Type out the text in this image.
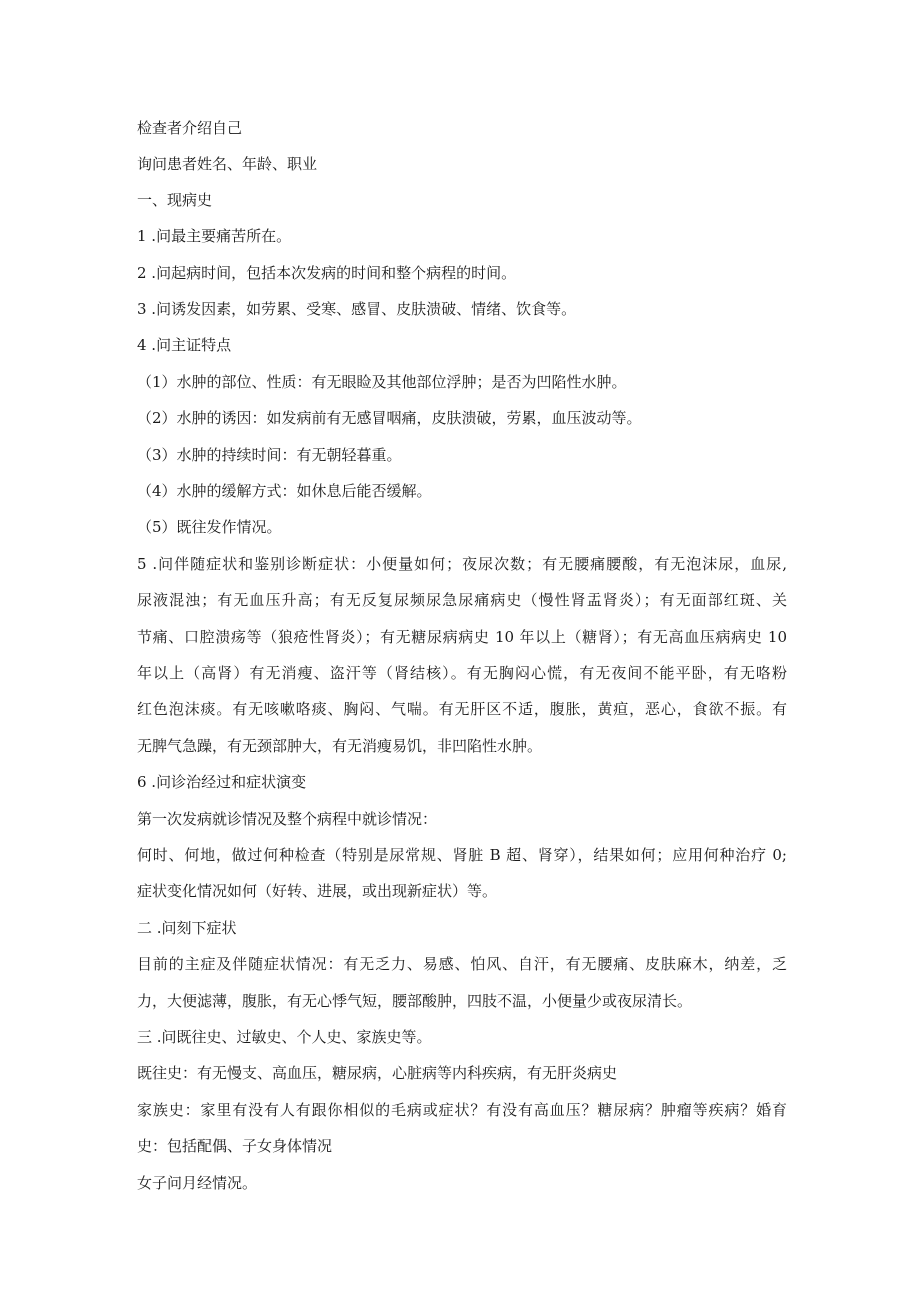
检查者介绍自己
询问患者姓名、年龄、职业
一、现病史
1 .问最主要痛苦所在。
2 .问起病时间，包括本次发病的时间和整个病程的时间。
3 .问诱发因素，如劳累、受寒、感冒、皮肤溃破、情绪、饮食等。
4 .问主证特点
（1）水肿的部位、性质：有无眼睑及其他部位浮肿；是否为凹陷性水肿。
（2）水肿的诱因：如发病前有无感冒咽痛，皮肤溃破，劳累，血压波动等。
（3）水肿的持续时间：有无朝轻暮重。
（4）水肿的缓解方式：如休息后能否缓解。
（5）既往发作情况。
5 .问伴随症状和鉴别诊断症状：小便量如何；夜尿次数；有无腰痛腰酸，有无泡沫尿，血尿,
尿液混浊；有无血压升高；有无反复尿频尿急尿痛病史（慢性肾盂肾炎）；有无面部红斑、关
节痛、口腔溃疡等（狼疮性肾炎）；有无糖尿病病史 10 年以上（糖肾）；有无高血压病病史 10
年以上（高肾）有无消瘦、盗汗等（肾结核）。有无胸闷心慌，有无夜间不能平卧，有无咯粉
红色泡沫痰。有无咳嗽咯痰、胸闷、气喘。有无肝区不适，腹胀，黄疸，恶心，食欲不振。有
无脾气急躁，有无颈部肿大，有无消瘦易饥，非凹陷性水肿。
6 .问诊治经过和症状演变
第一次发病就诊情况及整个病程中就诊情况：
何时、何地，做过何种检查（特别是尿常规、肾脏 B 超、肾穿），结果如何；应用何种治疗 0;
症状变化情况如何（好转、进展，或出现新症状）等。
二 .问刻下症状
目前的主症及伴随症状情况：有无乏力、易感、怕风、自汗，有无腰痛、皮肤麻木，纳差，乏
力，大便滤薄，腹胀，有无心悸气短，腰部酸肿，四肢不温，小便量少或夜尿清长。
三 .问既往史、过敏史、个人史、家族史等。
既往史：有无慢支、高血压，糖尿病，心脏病等内科疾病，有无肝炎病史
家族史：家里有没有人有跟你相似的毛病或症状？有没有高血压？糖尿病？肿瘤等疾病？婚育
史：包括配偶、子女身体情况
女子问月经情况。
